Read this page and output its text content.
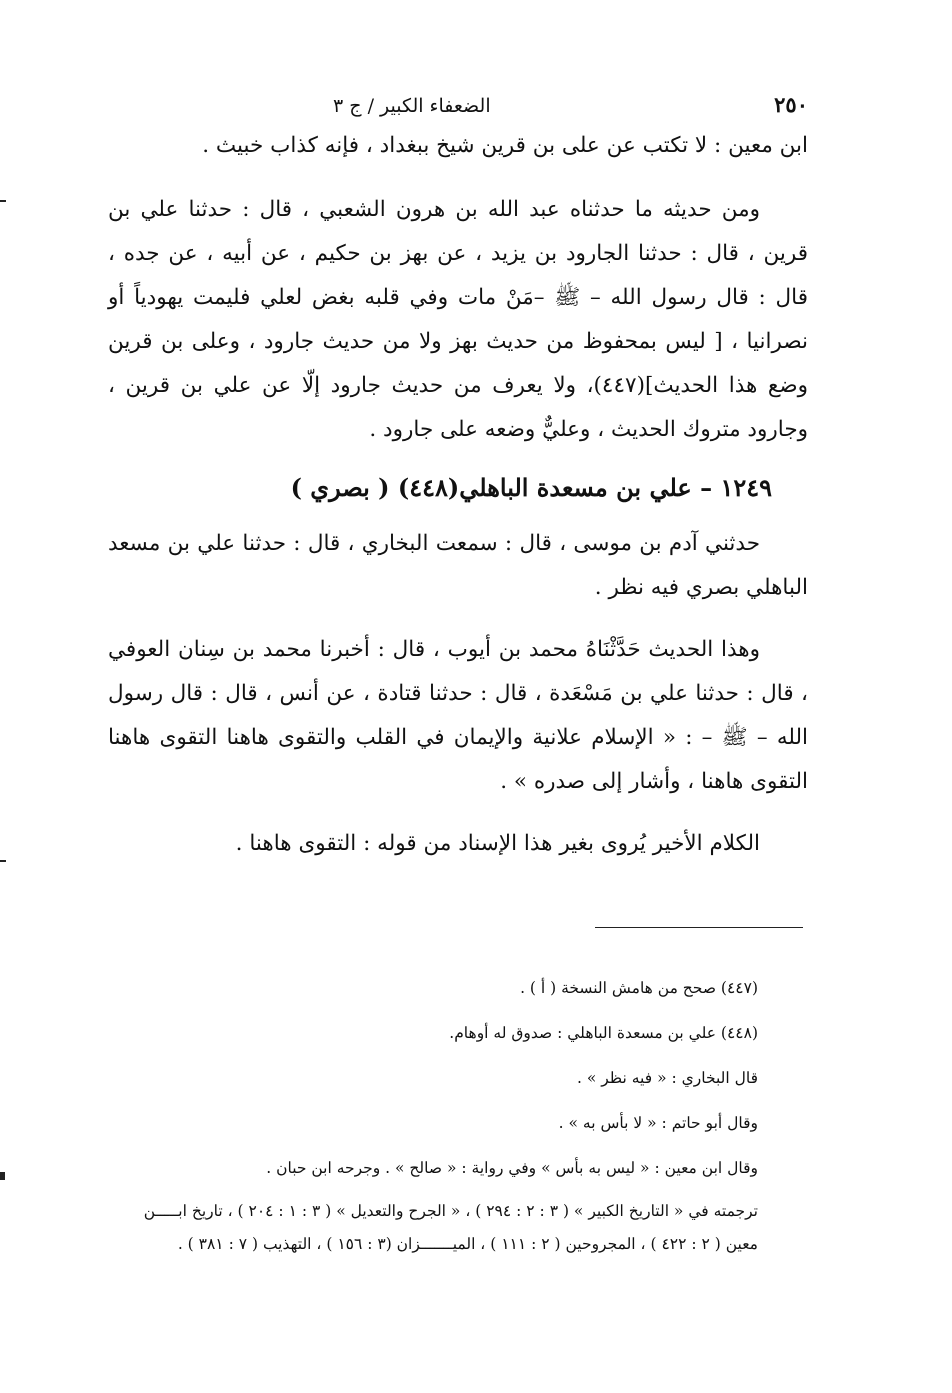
٢٥٠
الضعفاء الكبير / ج ٣

ابن معين : لا تكتب عن على بن قرين شيخ ببغداد ، فإنه كذاب خبيث .

ومن حديثه ما حدثناه عبد الله بن هرون الشعبي ، قال : حدثنا علي بن قرين ، قال : حدثنا الجارود بن يزيد ، عن بهز بن حكيم ، عن أبيه ، عن جده ، قال : قال رسول الله – ﷺ –مَنْ مات وفي قلبه بغض لعلي فليمت يهودياً أو نصرانيا ، [ ليس بمحفوظ من حديث بهز ولا من حديث جارود ، وعلى بن قرين وضع هذا الحديث](٤٤٧)، ولا يعرف من حديث جارود إلّا عن علي بن قرين ، وجارود متروك الحديث ، وعليٌّ وضعه على جارود .

١٢٤٩ – علي بن مسعدة الباهلي(٤٤٨) ( بصري )

حدثني آدم بن موسى ، قال : سمعت البخاري ، قال : حدثنا علي بن مسعد الباهلي بصري فيه نظر .

وهذا الحديث حَدَّثْنَاهُ محمد بن أيوب ، قال : أخبرنا محمد بن سِنان العوفي ، قال : حدثنا علي بن مَسْعَدة ، قال : حدثنا قتادة ، عن أنس ، قال : قال رسول الله – ﷺ – : « الإسلام علانية والإيمان في القلب والتقوى هاهنا التقوى هاهنا التقوى هاهنا ، وأشار إلى صدره » .

الكلام الأخير يُروى بغير هذا الإسناد من قوله : التقوى هاهنا .

(٤٤٧) صحح من هامش النسخة ( أ ) .

(٤٤٨) علي بن مسعدة الباهلي : صدوق له أوهام.

قال البخاري : « فيه نظر » .

وقال أبو حاتم : « لا بأس به » .

وقال ابن معين : « ليس به بأس » وفي رواية : « صالح » . وجرحه ابن حبان .

ترجمته في « التاريخ الكبير » ( ٣ : ٢ : ٢٩٤ ) ، « الجرح والتعديل » ( ٣ : ١ : ٢٠٤ ) ، تاريخ ابـــــن معين ( ٢ : ٤٢٢ ) ، المجروحين ( ٢ : ١١١ ) ، الميـــــــزان (٣ : ١٥٦ ) ، التهذيب ( ٧ : ٣٨١ ) .
